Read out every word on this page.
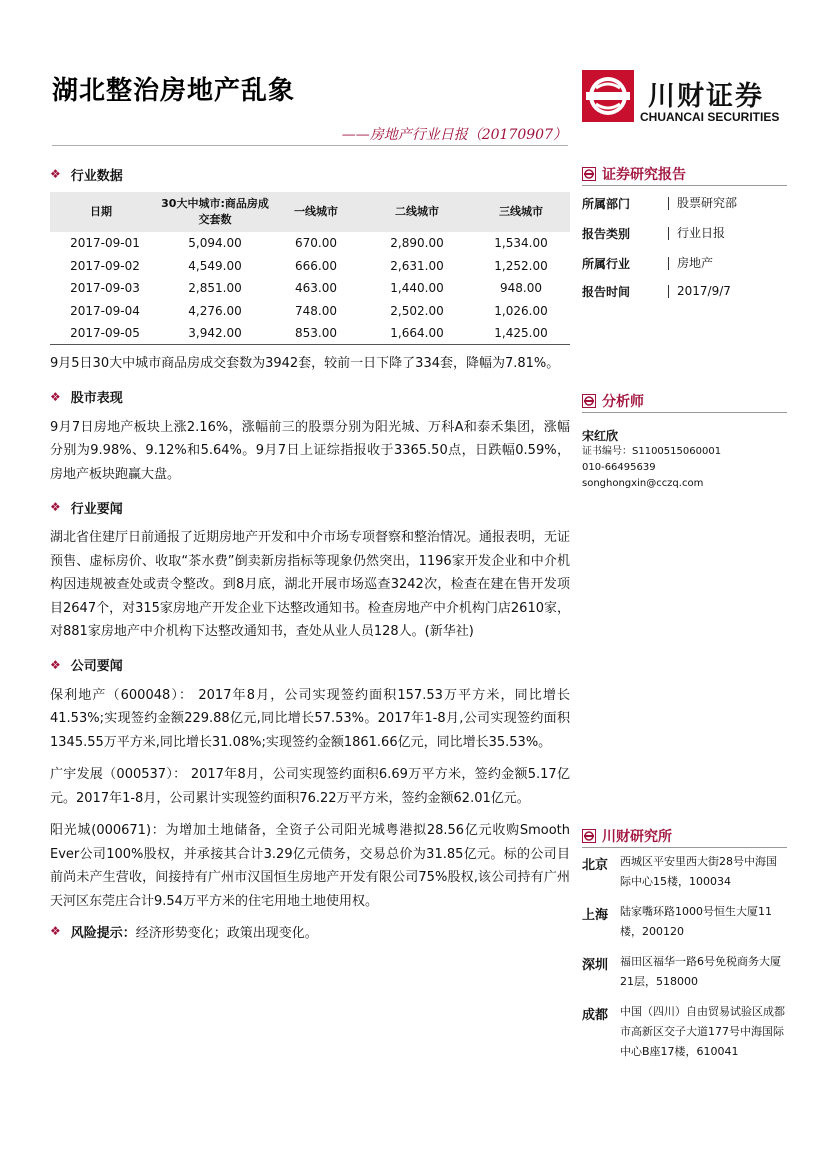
湖北整治房地产乱象	川财证券
CHUANCAI SECURITIES
——房地产行业日报（20170907）
❖ 行业数据
日期	30大中城市:商品房成交套数	一线城市	二线城市	三线城市
2017-09-01	5,094.00	670.00	2,890.00	1,534.00
2017-09-02	4,549.00	666.00	2,631.00	1,252.00
2017-09-03	2,851.00	463.00	1,440.00	948.00
2017-09-04	4,276.00	748.00	2,502.00	1,026.00
2017-09-05	3,942.00	853.00	1,664.00	1,425.00

9月5日30大中城市商品房成交套数为3942套，较前一日下降了334套，降幅为7.81%。

❖ 股市表现

9月7日房地产板块上涨2.16%，涨幅前三的股票分别为阳光城、万科A和泰禾集团，涨幅分别为9.98%、9.12%和5.64%。9月7日上证综指报收于3365.50点，日跌幅0.59%，房地产板块跑赢大盘。

❖ 行业要闻

湖北省住建厅日前通报了近期房地产开发和中介市场专项督察和整治情况。通报表明，无证预售、虚标房价、收取“茶水费”倒卖新房指标等现象仍然突出，1196家开发企业和中介机构因违规被查处或责令整改。到8月底，湖北开展市场巡查3242次，检查在建在售开发项目2647个，对315家房地产开发企业下达整改通知书。检查房地产中介机构门店2610家，对881家房地产中介机构下达整改通知书，查处从业人员128人。(新华社)

❖ 公司要闻

保利地产（600048）： 2017年8月，公司实现签约面积157.53万平方米，同比增长41.53%;实现签约金额229.88亿元,同比增长57.53%。2017年1-8月,公司实现签约面积1345.55万平方米,同比增长31.08%;实现签约金额1861.66亿元，同比增长35.53%。

广宇发展（000537）： 2017年8月，公司实现签约面积6.69万平方米，签约金额5.17亿元。2017年1-8月，公司累计实现签约面积76.22万平方米，签约金额62.01亿元。

阳光城(000671)：为增加土地储备，全资子公司阳光城粤港拟28.56亿元收购Smooth Ever公司100%股权，并承接其合计3.29亿元债务，交易总价为31.85亿元。标的公司目前尚未产生营收，间接持有广州市汉国恒生房地产开发有限公司75%股权,该公司持有广州天河区东莞庄合计9.54万平方米的住宅用地土地使用权。

❖ 风险提示： 经济形势变化；政策出现变化。
证券研究报告
所属部门	股票研究部
报告类别	行业日报
所属行业	房地产
报告时间	2017/9/7
分析师
宋红欣
证书编号：S1100515060001
010-66495639
songhongxin@cczq.com
川财研究所
北京	西城区平安里西大街28号中海国际中心15楼，100034
上海	陆家嘴环路1000号恒生大厦11楼，200120
深圳	福田区福华一路6号免税商务大厦21层，518000
成都	中国（四川）自由贸易试验区成都市高新区交子大道177号中海国际中心B座17楼，610041
